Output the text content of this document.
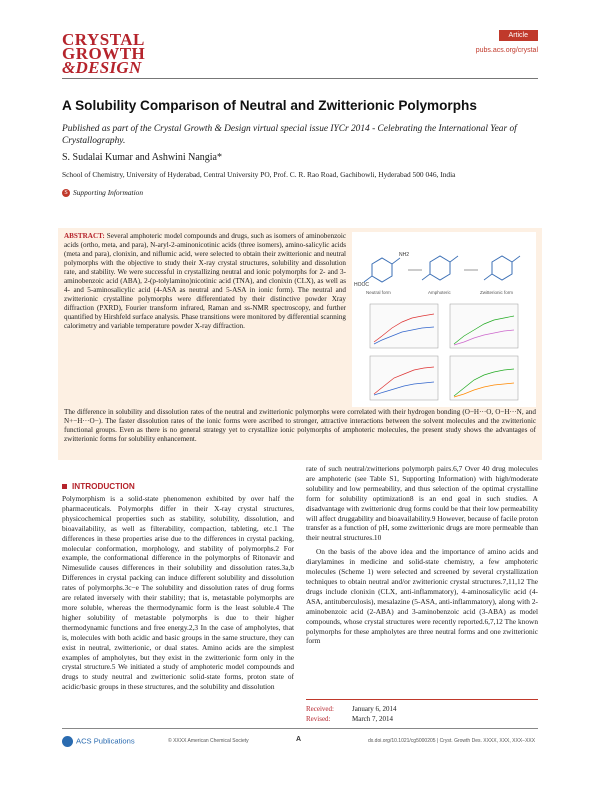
CRYSTAL
GROWTH
&DESIGN
Article
pubs.acs.org/crystal
A Solubility Comparison of Neutral and Zwitterionic Polymorphs
Published as part of the Crystal Growth & Design virtual special issue IYCr 2014 - Celebrating the International Year of Crystallography.
S. Sudalai Kumar and Ashwini Nangia*
School of Chemistry, University of Hyderabad, Central University PO, Prof. C. R. Rao Road, Gachibowli, Hyderabad 500 046, India
S Supporting Information
ABSTRACT: Several amphoteric model compounds and drugs, such as isomers of aminobenzoic acids (ortho, meta, and para), N-aryl-2-aminonicotinic acids (three isomers), amino-salicylic acids (meta and para), clonixin, and niflumic acid, were selected to obtain their zwitterionic and neutral polymorphs with the objective to study their X-ray crystal structures, solubility and dissolution rate, and stability. We were successful in crystallizing neutral and ionic polymorphs for 2- and 3-aminobenzoic acid (ABA), 2-(p-tolylamino)nicotinic acid (TNA), and clonixin (CLX), as well as 4- and 5-aminosalicylic acid (4-ASA as neutral and 5-ASA in ionic form). The neutral and zwitterionic crystalline polymorphs were differentiated by their distinctive powder Xray diffraction (PXRD), Fourier transform infrared, Raman and ss-NMR spectroscopy, and further quantified by Hirshfeld surface analysis. Phase transitions were monitored by differential scanning calorimetry and variable temperature powder X-ray diffraction.
HOOC
NH2
Neutral form	Amphoteric	Zwitterionic form
The difference in solubility and dissolution rates of the neutral and zwitterionic polymorphs were correlated with their hydrogen bonding (O−H···O, O−H···N, and N+−H···O−). The faster dissolution rates of the ionic forms were ascribed to stronger, attractive interactions between the solvent molecules and the zwitterionic functional groups. Even as there is no general strategy yet to crystallize ionic polymorphs of amphoteric molecules, the present study shows the advantages of zwitterionic forms for solubility enhancement.
INTRODUCTION
Polymorphism is a solid-state phenomenon exhibited by over half the pharmaceuticals. Polymorphs differ in their X-ray crystal structures, physicochemical properties such as stability, solubility, dissolution, and bioavailability, as well as filterability, compaction, tableting, etc.1 The differences in these properties arise due to the differences in crystal packing, molecular conformation, morphology, and stability of polymorphs.2 For example, the conformational difference in the polymorphs of Ritonavir and Nimesulide causes differences in their solubility and dissolution rates.3a,b Differences in crystal packing can induce different solubility and dissolution rates of polymorphs.3c−e The solubility and dissolution rates of drug forms are related inversely with their stability; that is, metastable polymorphs are more soluble, whereas the thermodynamic form is the least soluble.4 The higher solubility of metastable polymorphs is due to their higher thermodynamic functions and free energy.2,3 In the case of ampholytes, that is, molecules with both acidic and basic groups in the same structure, they can exist in neutral, zwitterionic, or dual states. Amino acids are the simplest examples of ampholytes, but they exist in the zwitterionic form only in the crystal structure.5 We initiated a study of amphoteric model compounds and drugs to study neutral and zwitterionic solid-state forms, proton state of acidic/basic groups in these structures, and the solubility and dissolution
rate of such neutral/zwitterions polymorph pairs.6,7 Over 40 drug molecules are amphoteric (see Table S1, Supporting Information) with high/moderate solubility and low permeability, and thus selection of the optimal crystalline form for solubility optimization8 is an end goal in such studies. A disadvantage with zwitterionic drug forms could be that their low permeability will affect druggability and bioavailability.9 However, because of facile proton transfer as a function of pH, some zwitterionic drugs are more permeable than their neutral structures.10
On the basis of the above idea and the importance of amino acids and diarylamines in medicine and solid-state chemistry, a few amphoteric molecules (Scheme 1) were selected and screened by several crystallization techniques to obtain neutral and/or zwitterionic crystal structures.7,11,12 The drugs include clonixin (CLX, anti-inflammatory), 4-aminosalicylic acid (4-ASA, antituberculosis), mesalazine (5-ASA, anti-inflammatory), along with 2-aminobenzoic acid (2-ABA) and 3-aminobenzoic acid (3-ABA) as model compounds, whose crystal structures were recently reported.6,7,12 The known polymorphs for these ampholytes are three neutral forms and one zwitterionic form
Received:	January 6, 2014
Revised:	March 7, 2014
ACS Publications	© XXXX American Chemical Society	A	dx.doi.org/10.1021/cg5000205 | Cryst. Growth Des. XXXX, XXX, XXX−XXX
